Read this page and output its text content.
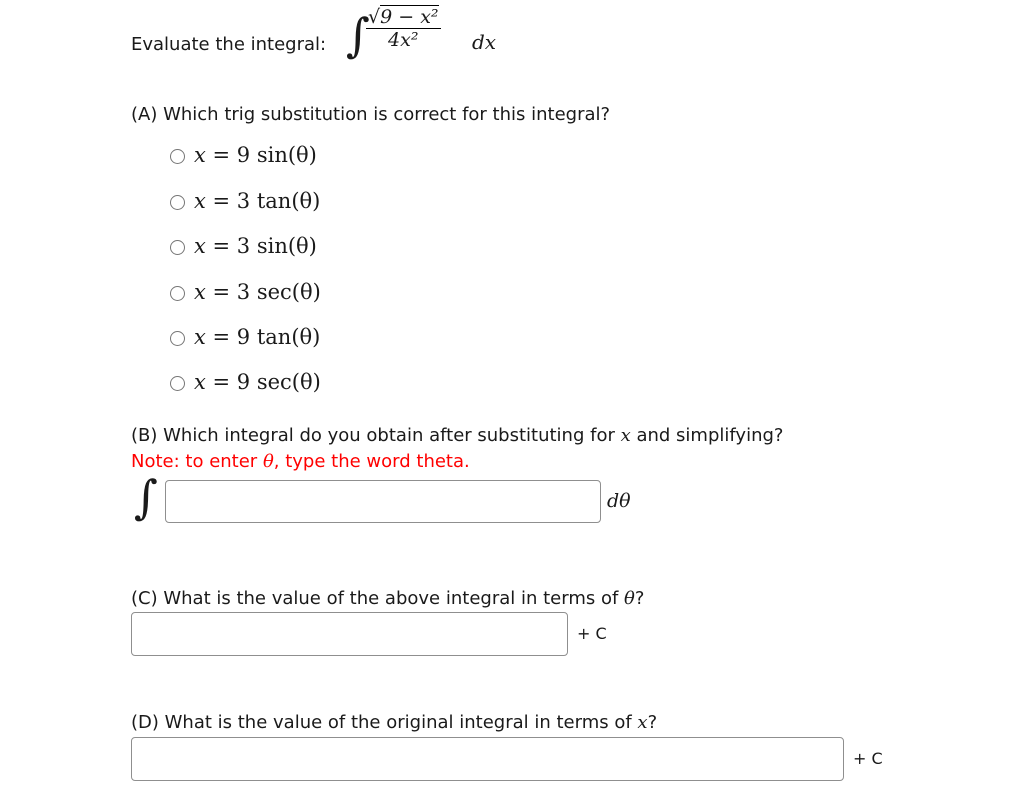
Evaluate the integral: ∫
$\frac{\text{√9 − x²}}{\text{4x²}}$ dx
(A) Which trig substitution is correct for this integral?
x = 9 sin(θ)
x = 3 tan(θ)
x = 3 sin(θ)
x = 3 sec(θ)
x = 9 tan(θ)
x = 9 sec(θ)
(B) Which integral do you obtain after substituting for x and simplifying?
Note: to enter θ, type the word theta.
∫	dθ
(C) What is the value of the above integral in terms of θ?
+ C
(D) What is the value of the original integral in terms of x?
+ C
